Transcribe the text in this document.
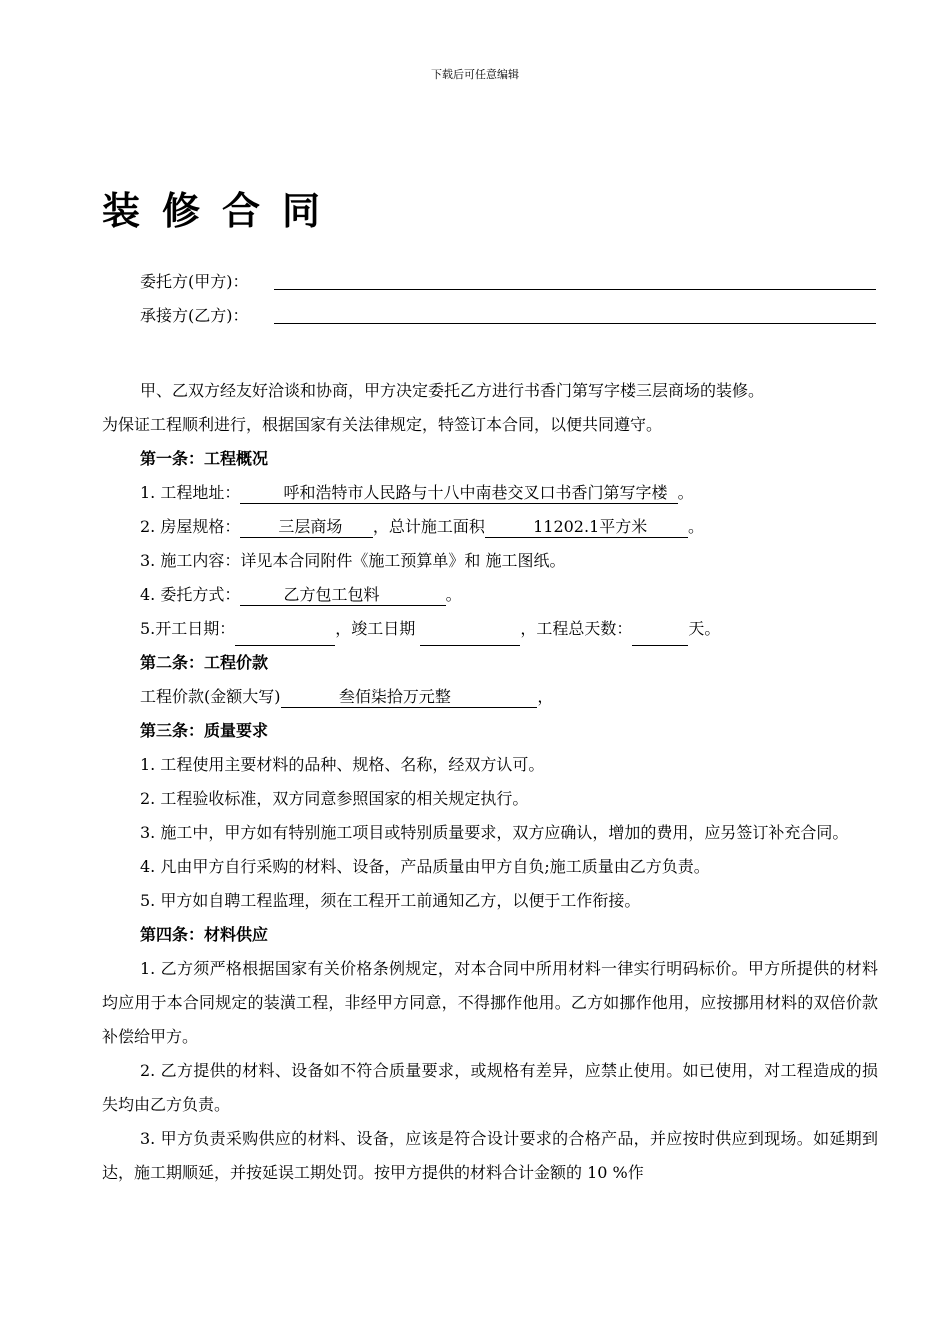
下载后可任意编辑
装修合同
委托方(甲方)：
承接方(乙方)：

甲、乙双方经友好洽谈和协商，甲方决定委托乙方进行书香门第写字楼三层商场的装修。

为保证工程顺利进行，根据国家有关法律规定，特签订本合同，以便共同遵守。

第一条：工程概况

1. 工程地址： 呼和浩特市人民路与十八中南巷交叉口书香门第写字楼  。

2. 房屋规格： 三层商场      ，总计施工面积  11202.1平方米        。

3. 施工内容：详见本合同附件《施工预算单》和 施工图纸。

4. 委托方式： 乙方包工包料             。

5.开工日期：	，竣工日期	，工程总天数：	天。

第二条：工程价款

工程价款(金额大写)    叁佰柒拾万元整                 ，

第三条：质量要求

1. 工程使用主要材料的品种、规格、名称，经双方认可。

2. 工程验收标准，双方同意参照国家的相关规定执行。

3. 施工中，甲方如有特别施工项目或特别质量要求，双方应确认，增加的费用，应另签订补充合同。

4. 凡由甲方自行采购的材料、设备，产品质量由甲方自负;施工质量由乙方负责。

5. 甲方如自聘工程监理，须在工程开工前通知乙方，以便于工作衔接。

第四条：材料供应

1. 乙方须严格根据国家有关价格条例规定，对本合同中所用材料一律实行明码标价。甲方所提供的材料均应用于本合同规定的装潢工程，非经甲方同意，不得挪作他用。乙方如挪作他用，应按挪用材料的双倍价款补偿给甲方。

2. 乙方提供的材料、设备如不符合质量要求，或规格有差异，应禁止使用。如已使用，对工程造成的损失均由乙方负责。

3. 甲方负责采购供应的材料、设备，应该是符合设计要求的合格产品，并应按时供应到现场。如延期到达，施工期顺延，并按延误工期处罚。按甲方提供的材料合计金额的 10 %作
